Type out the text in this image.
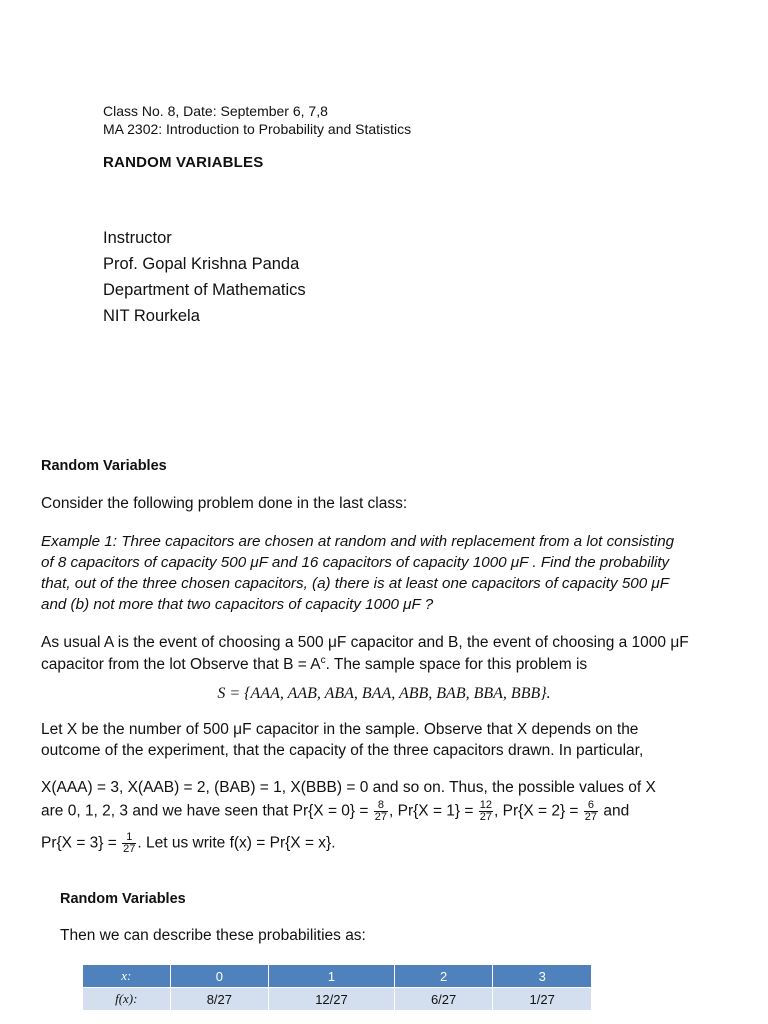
Class No. 8, Date: September 6, 7,8
MA 2302: Introduction to Probability and Statistics
RANDOM VARIABLES
Instructor
Prof. Gopal Krishna Panda
Department of Mathematics
NIT Rourkela
Random Variables
Consider the following problem done in the last class:
Example 1: Three capacitors are chosen at random and with replacement from a lot consisting
of 8 capacitors of capacity 500 μF and 16 capacitors of capacity 1000 μF . Find the probability
that, out of the three chosen capacitors, (a) there is at least one capacitors of capacity 500 μF
and (b) not more that two capacitors of capacity 1000 μF ?
As usual A is the event of choosing a 500 μF capacitor and B, the event of choosing a 1000 μF
capacitor from the lot Observe that $B = A^c$. The sample space for this problem is
S = {AAA, AAB, ABA, BAA, ABB, BAB, BBA, BBB}.
Let X be the number of 500 μF capacitor in the sample. Observe that X depends on the
outcome of the experiment, that the capacity of the three capacitors drawn. In particular,
X(AAA) = 3, X(AAB) = 2, (BAB) = 1, X(BBB) = 0 and so on. Thus, the possible values of X
are 0, 1, 2, 3 and we have seen that $Pr\{X = 0\} = \frac{8}{27}$ , $Pr\{X = 1\} = \frac{12}{27}$ , $Pr\{X = 2\} = \frac{6}{27}$ and
$Pr\{X = 3\} = \frac{1}{27}$ . Let us write f(x) = Pr{X = x}.
Random Variables
Then we can describe these probabilities as:
x:	0	1	2	3
f(x):	8/27	12/27	6/27	1/27
